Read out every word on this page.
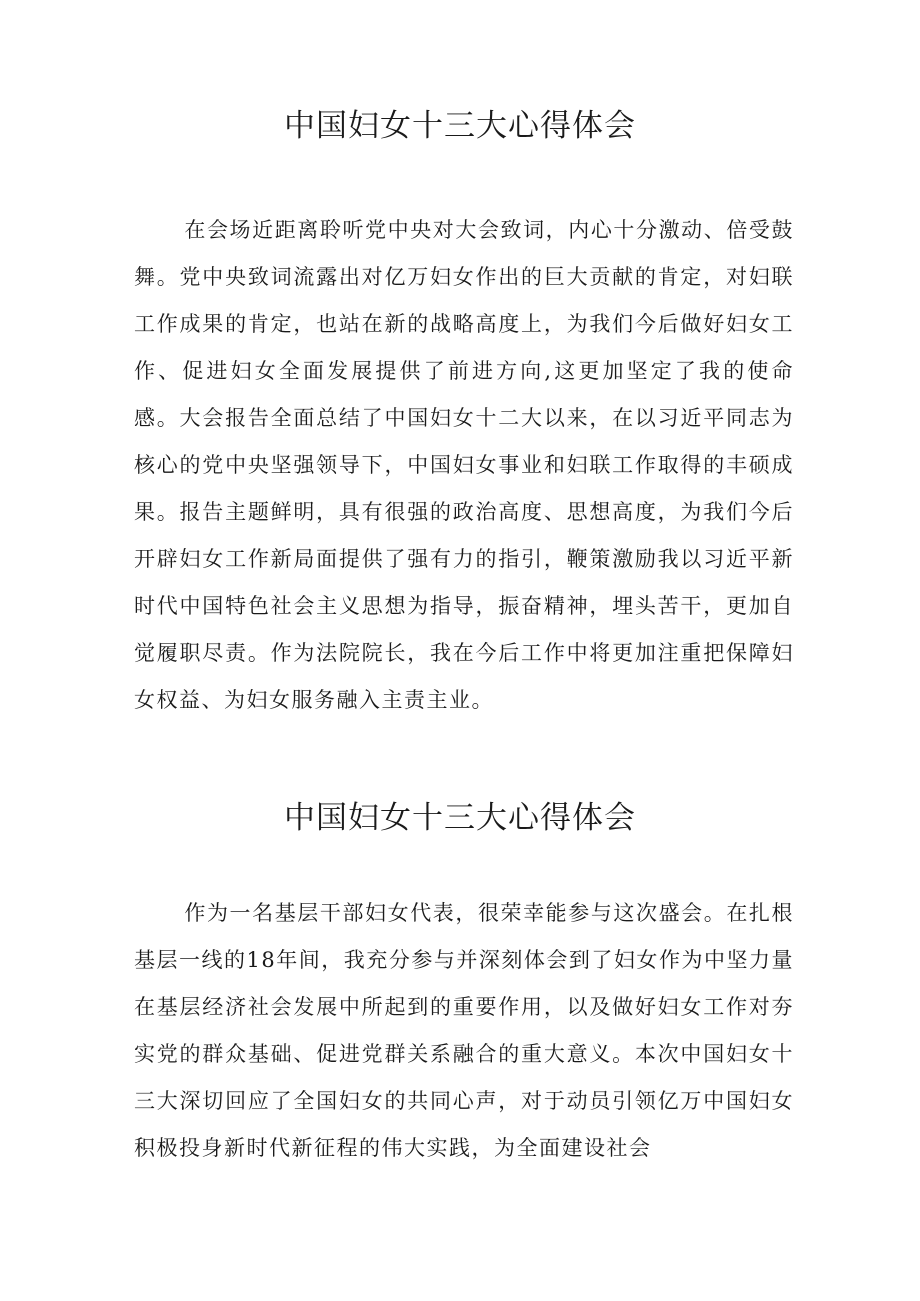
中国妇女十三大心得体会

在会场近距离聆听党中央对大会致词，内心十分激动、倍受鼓舞。党中央致词流露出对亿万妇女作出的巨大贡献的肯定，对妇联工作成果的肯定，也站在新的战略高度上，为我们今后做好妇女工作、促进妇女全面发展提供了前进方向,这更加坚定了我的使命感。大会报告全面总结了中国妇女十二大以来，在以习近平同志为核心的党中央坚强领导下，中国妇女事业和妇联工作取得的丰硕成果。报告主题鲜明，具有很强的政治高度、思想高度，为我们今后开辟妇女工作新局面提供了强有力的指引，鞭策激励我以习近平新时代中国特色社会主义思想为指导，振奋精神，埋头苦干，更加自觉履职尽责。作为法院院长，我在今后工作中将更加注重把保障妇女权益、为妇女服务融入主责主业。

中国妇女十三大心得体会

作为一名基层干部妇女代表，很荣幸能参与这次盛会。在扎根基层一线的18年间，我充分参与并深刻体会到了妇女作为中坚力量在基层经济社会发展中所起到的重要作用，以及做好妇女工作对夯实党的群众基础、促进党群关系融合的重大意义。本次中国妇女十三大深切回应了全国妇女的共同心声，对于动员引领亿万中国妇女积极投身新时代新征程的伟大实践，为全面建设社会
